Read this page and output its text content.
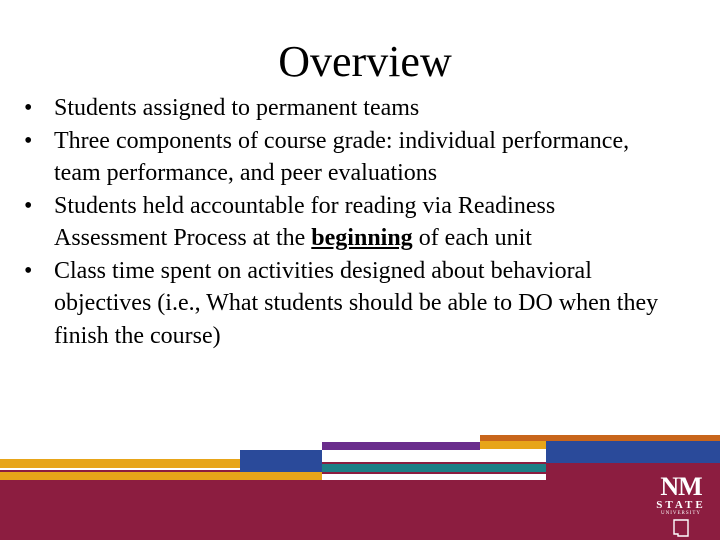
Overview
• Students assigned to permanent teams
• Three components of course grade: individual performance, team performance, and peer evaluations
• Students held accountable for reading via Readiness Assessment Process at the beginning of each unit
• Class time spent on activities designed about behavioral objectives (i.e., What students should be able to DO when they finish the course)
NM
STATE
UNIVERSITY
